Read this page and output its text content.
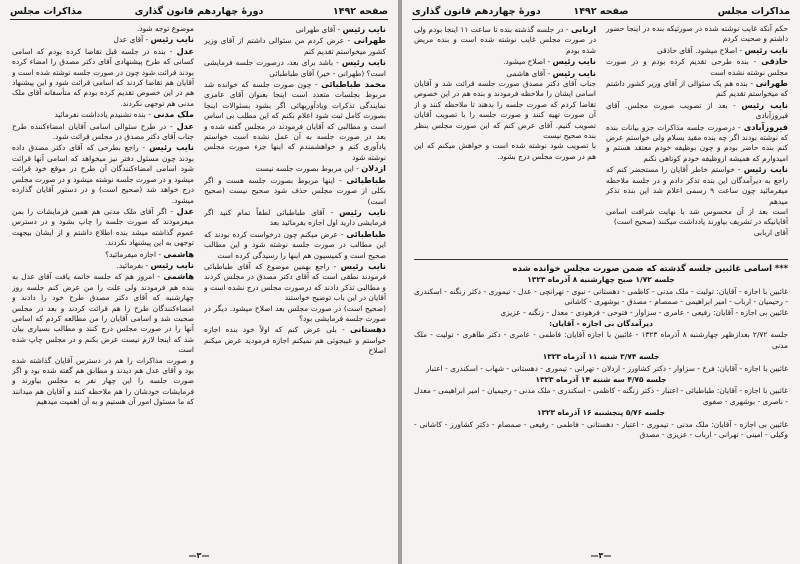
صفحه ۱۴۹۲
دورهٔ چهاردهم قانون گذاری
مذاکرات مجلس
نایب رئیس - آقای طهرانی
طهرانی - عرض کردم من سئوالی داشتم از آقای وزیر کشور میخواستم تقدیم کنم
نایب رئیس - باشد برای بعد، درصورت جلسه فرمایشی است؟ (طهرانی - خیر) آقای طباطبائی
محمد طباطبائی - چون صورت جلسه که خوانده شد مربوط بجلسات متعدد است اینجا بعنوان آقای عامری نمایندگی تذکرات ویادآوریهائی اگر بشود بسئوالات اینجا بصورت کامل ثبت شود اعلام بکنم که این مطلب بی اساس است و مطالبی که آقایان فرمودند در مجلس گفته شده و بعد در صورت جلسه به آن عمل نشده است خواستم یادآوری کنم و خواهشمندم که اینها جزء صورت مجلس نوشته شود
ازدلان - این مربوط بصورت جلسه نیست
طباطبائی - اینها مربوط بصورت جلسه هست و اگر بکلی از صورت مجلس حذف شود صحیح نیست (صحیح است)
نایب رئیس - آقای طباطبائی لطفاً تمام کنید اگر فرمایشی دارید اول اجازه بفرمائید بعد
طباطبائی - عرض میکنم چون درخواست کرده بودند که این مطالب در صورت جلسه نوشته شود و این مطالب صحیح است و کمیسیون هم اینها را رسیدگی کرده است
نایب رئیس - راجع بهمین موضوع که آقای طباطبائی فرمودند نطقی است که آقای دکتر مصدق در مجلس کردند و مطالبی تذکر دادند که درصورت مجلس درج نشده است و آقایان در این باب توضیح خواستند
(صحیح است) در صورت مجلس بعد اصلاح میشود. دیگر در صورت جلسه فرمایشی بود؟
دهستانی - بلی عرض کنم که اولاً خود بنده اجازه خواستم و عیبجوئی هم نمیکنم اجازه فرمودید عرض میکنم اصلاح
موضوع توجه شود.
نایب رئیس - آقای عدل
عدل - بنده در جلسه قبل تقاضا کرده بودم که اسامی کسانی که طرح پیشنهادی آقای دکتر مصدق را امضاء کرده بودند قرائت شود چون در صورت جلسه نوشته شده است و آقایان هم تقاضا کردند که اسامی قرائت شود و این پیشنهاد هم در این خصوص تقدیم کرده بودم که متأسفانه آقای ملک مدنی هم توجهی نکردند.
ملک مدنی - بنده نشنیدم یادداشت نفرمائید
عدل - در طرح سئوالی اسامی آقایان امضاءکننده طرح جناب آقای دکتر مصدق در مجلس قرائت شود.
نایب رئیس - راجع بطرحی که آقای دکتر مصدق داده بودند چون مسئول دفتر نیز میخواهد که اسامی آنها قرائت شود اسامی امضاءکنندگان آن طرح در موقع خود قرائت میشود و در صورت جلسه نوشته میشود و در صورت مجلس درج خواهد شد (صحیح است) و در دستور آقایان گذارده میشود.
عدل - اگر آقای ملک مدنی هم همین فرمایشات را بمن میفرمودند که صورت جلسه را چاپ بشود و در دسترس عموم گذاشته میشد بنده اطلاع داشتم و از ایشان بیجهت توجهی به این پیشنهاد نکردند.
هاشمی - اجازه میفرمائید؟
نایب رئیس - بفرمائید.
هاشمی - امروز هم که جلسه خاتمه یافت آقای عدل به بنده هم فرمودند ولی علت را من عرض کنم جلسه روز چهارشنبه که آقای دکتر مصدق طرح خود را دادند و امضاءکنندگان طرح را هم قرائت کردند و بعد در مجلس صحبت شد و اسامی آقایان را من مطالعه کردم که اسامی آنها را در صورت مجلس درج کنند و مطالب بسیاری بیان شد که اینجا لازم نیست عرض بکنم و در مجلس چاپ شده است
و صورت مذاکرات را هم در دسترس آقایان گذاشته شده بود و آقای عدل هم دیدند و مطابق هم گفته شده بود و اگر صورت جلسه را این چهار نفر به مجلس بیاورند و فرمایشات خودشان را هم ملاحظه کنند و آقایان هم میدانند که ما مسئول امور آن هستیم و به آن اهمیت میدهیم
—۳—
مذاکرات مجلس
صفحه ۱۴۹۲
دورهٔ چهاردهم قانون گذاری
حکم آنکه غایب نوشته شده در صورتیکه بنده در اینجا حضور داشتم و صحبت کردم
نایب رئیس - اصلاح میشود. آقای حاذقی
حاذقی - بنده طرحی تقدیم کرده بودم و در صورت مجلس نوشته نشده است
طهرانی - بنده هم یک سئوالی از آقای وزیر کشور داشتم که میخواستم تقدیم کنم
نایب رئیس - بعد از تصویب صورت مجلس. آقای فیروزآبادی
فیروزآبادی - درصورت جلسه مذاکرات جزو بیانات بنده که نوشته بودند اگر چه بنده مقید بسلام ولی خواستم عرض کنم بنده حاضر بودم و چون بوظیفه خودم معتقد هستم و امیدوارم که همیشه ازوظیفه خودم کوتاهی نکنم
نایب رئیس - خواستم خاطر آقایان را مستحضر کنم که راجع به دیرآمدگان این بنده تذکر دادم و در جلسه ملاحظه میفرمائید چون ساعت ۹ رسمی اعلام شد این بنده تذکر میدهم
است بعد از آن محسوس شد با نهایت شرافت اسامی آقایانیکه در تشریف بیاورند یادداشت میکنند (صحیح است)
آقای اربابی
اربابی - در جلسه گذشته بنده تا ساعت ۱۱ اینجا بودم ولی در صورت مجلس غایب نوشته شده است و بنده مریض شده بودم
نایب رئیس - اصلاح میشود.
نایب رئیس - آقای هاشمی
جناب آقای دکتر مصدق صورت جلسه قرائت شد و آقایان اسامی ایشان را ملاحظه فرمودند و بنده هم در این خصوص تقاضا کردم که صورت جلسه را بدهند تا ملاحظه کنند و از آن صورت تهیه کنند و صورت جلسه را با تصویب آقایان تصویب کنیم. آقای عرض کنم که این صورت مجلس بنظر بنده صحیح نیست
با تصویب شود نوشته شده است و خواهش میکنم که این هم در صورت مجلس درج بشود.
*** اسامی غائبین جلسه گذشته که ضمن صورت مجلس خوانده شده
جلسه ۱/۷۲ صبح چهارشنبه ۸ آذرماه ۱۳۲۳
غائبین با اجازه - آقایان: تولیت - ملک مدنی - کاظمی - دهستانی - نبوی - تهرانچی - عدل - تیموری - دکتر زنگنه - اسکندری - رحیمیان - ارباب - امیر ابراهیمی - صمصام - مصدق - بوشهری - کاشانی
غائبین بی اجازه - آقایان: رفیعی - عامری - سزاوار - فتوحی - فرهودی - معدل - زنگنه - عزیزی
دیرآمدگان بی اجازه - آقایان:
جلسه ۲/۷۲ بعدازظهر چهارشنبه ۸ آذرماه ۱۳۲۳ - غائبین با اجازه آقایان: فاطمی - عامری - دکتر طاهری - تولیت - ملک مدنی
جلسه ۳/۷۴ شنبه ۱۱ آذرماه ۱۳۲۳
غائبین با اجازه - آقایان: فرخ - سزاوار - دکتر کشاورز - اردلان - تهرانی - تیموری - دهستانی - شهاب - اسکندری - اعتبار
جلسه ۴/۷۵ سه شنبه ۱۴ آذرماه ۱۳۲۳
غائبین با اجازه - آقایان: طباطبائی - اعتبار - دکتر زنگنه - کاظمی - اسکندری - ملک مدنی - رحیمیان - امیر ابراهیمی - معدل - ناصری - بوشهری - صفوی
جلسه ۵/۷۶ پنجشنبه ۱۶ آذرماه ۱۳۲۳
غائبین بی اجازه - آقایان: ملک مدنی - تیموری - اعتبار - دهستانی - فاطمی - رفیعی - صمصام - دکتر کشاورز - کاشانی - وکیلی - امینی - تهرانی - ارباب - عزیزی - مصدق
—۳—
